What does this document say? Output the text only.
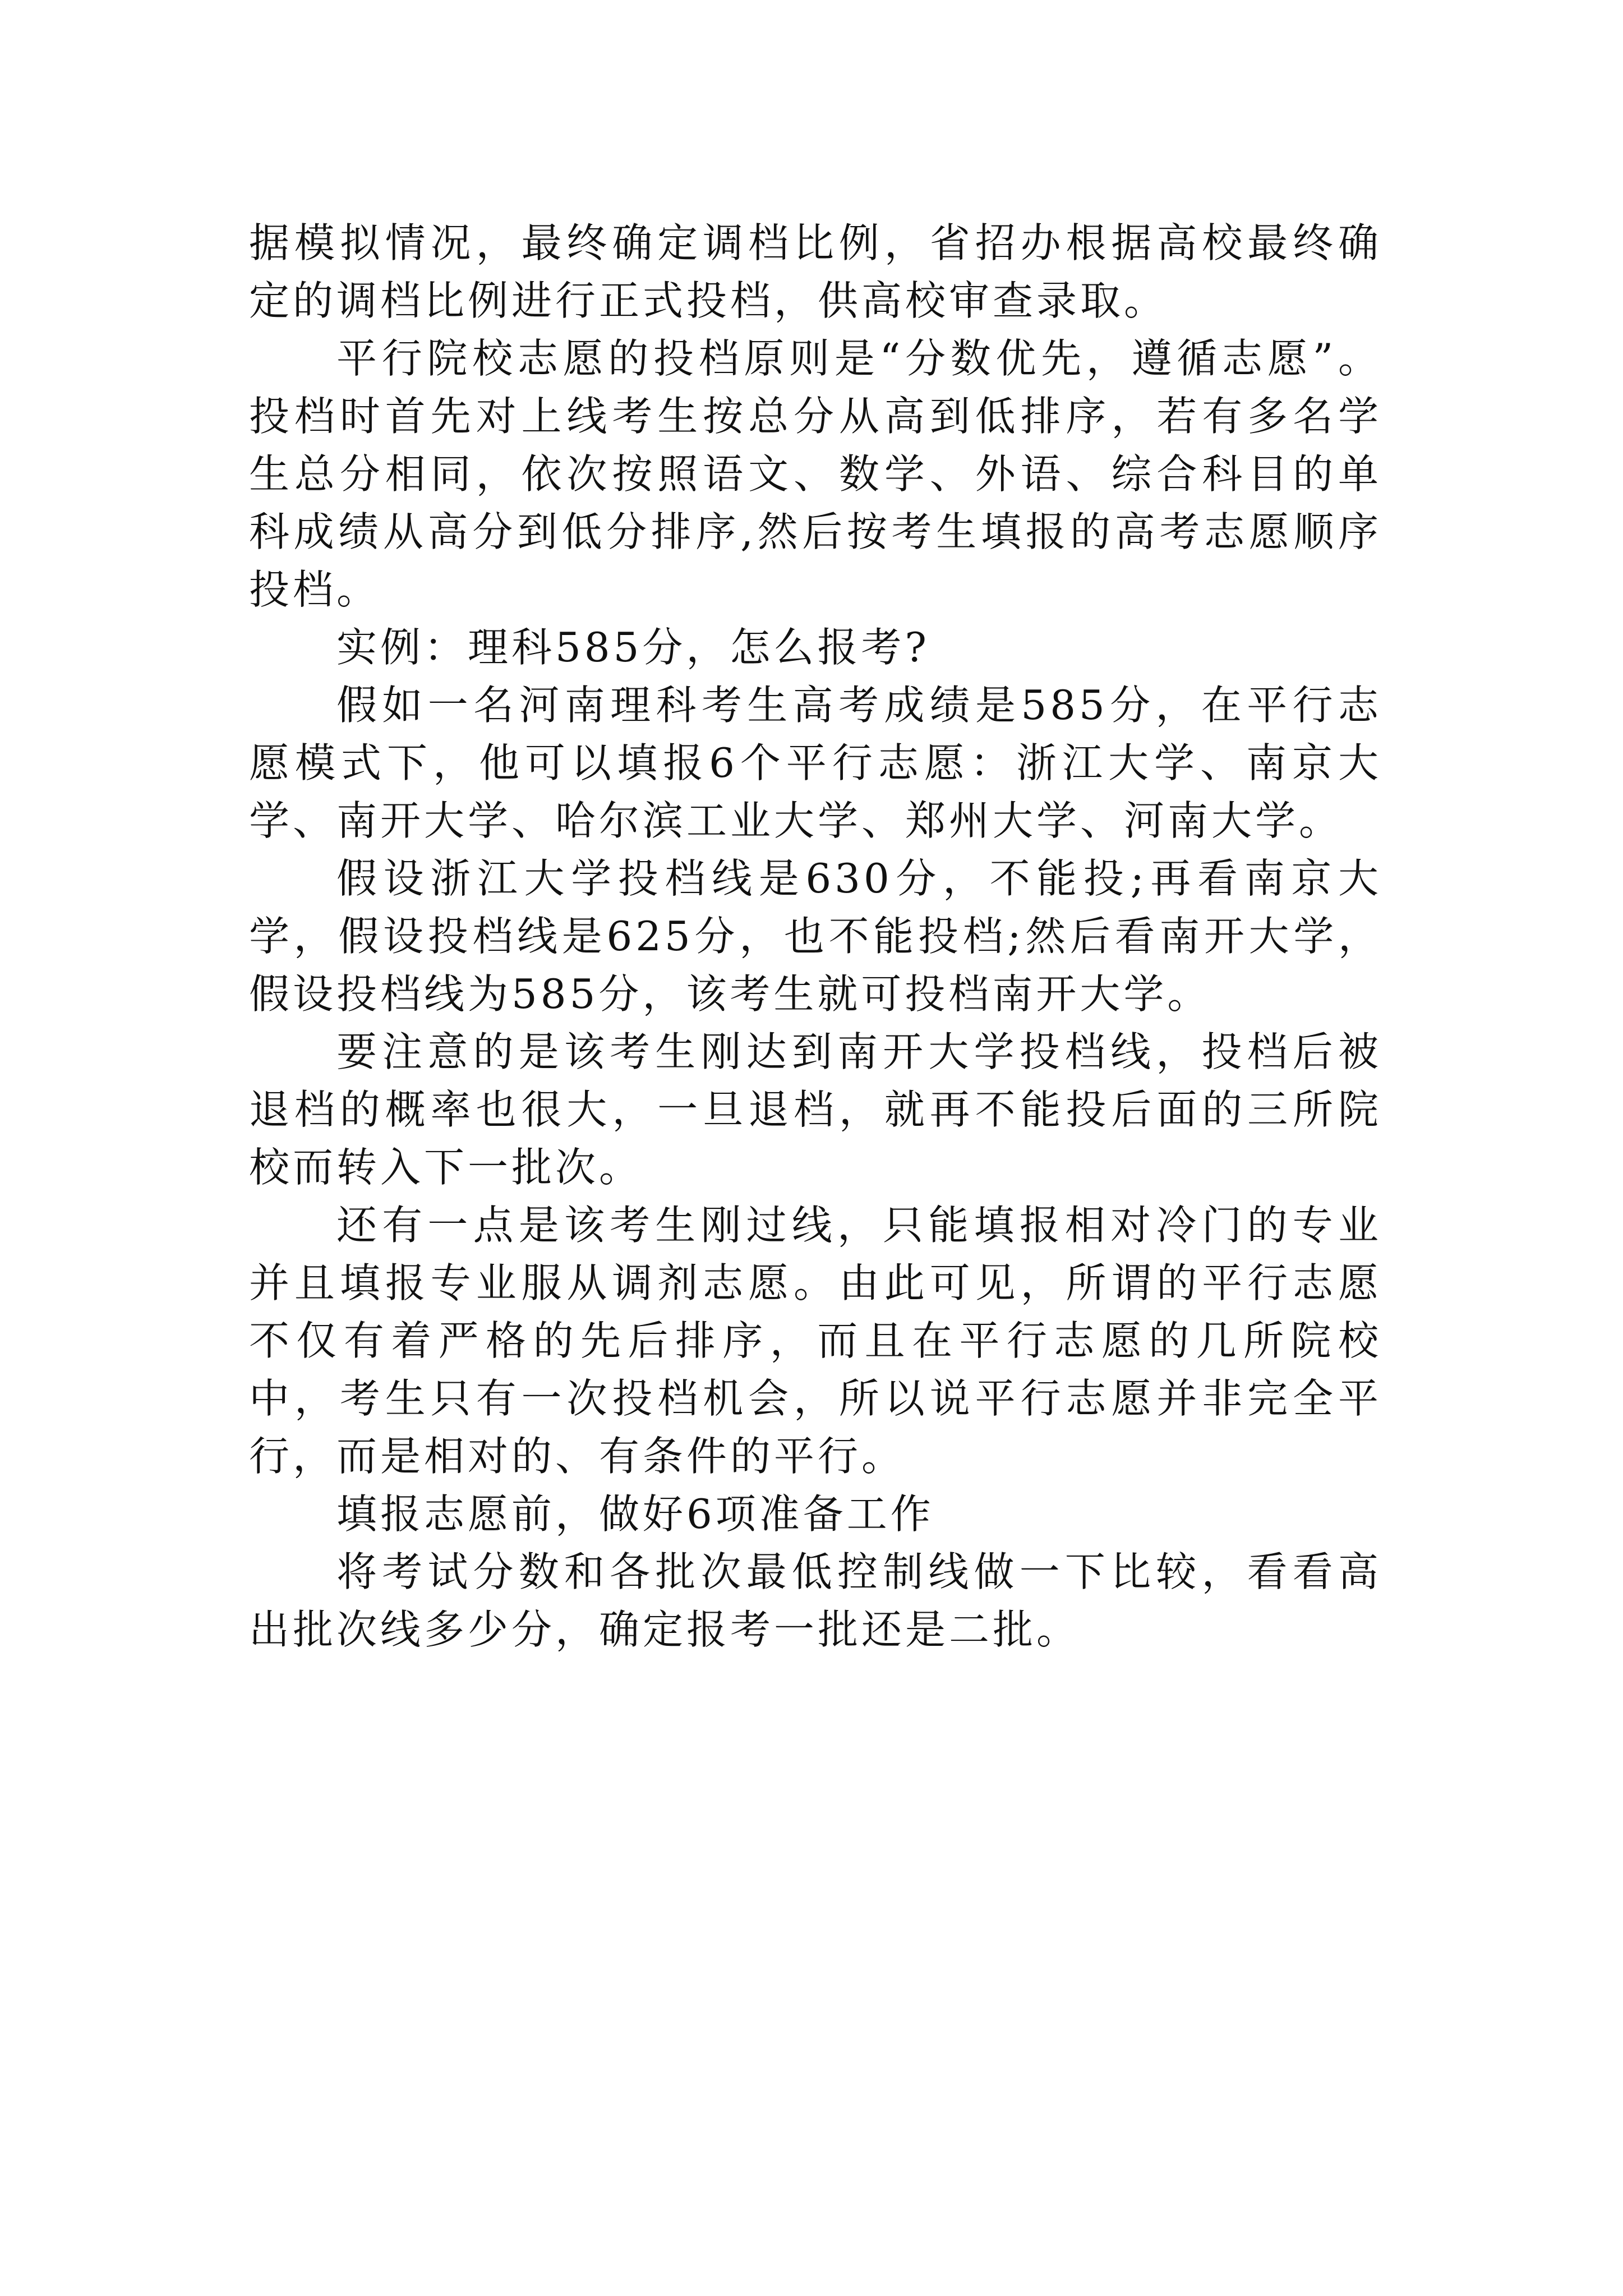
据模拟情况，最终确定调档比例，省招办根据高校最终确定的调档比例进行正式投档，供高校审查录取。

平行院校志愿的投档原则是“分数优先，遵循志愿”。投档时首先对上线考生按总分从高到低排序，若有多名学生总分相同，依次按照语文、数学、外语、综合科目的单科成绩从高分到低分排序,然后按考生填报的高考志愿顺序投档。

实例：理科585分，怎么报考?

假如一名河南理科考生高考成绩是585分，在平行志愿模式下，他可以填报6个平行志愿：浙江大学、南京大学、南开大学、哈尔滨工业大学、郑州大学、河南大学。

假设浙江大学投档线是630分，不能投;再看南京大学，假设投档线是625分，也不能投档;然后看南开大学，假设投档线为585分，该考生就可投档南开大学。

要注意的是该考生刚达到南开大学投档线，投档后被退档的概率也很大，一旦退档，就再不能投后面的三所院校而转入下一批次。

还有一点是该考生刚过线，只能填报相对冷门的专业并且填报专业服从调剂志愿。由此可见，所谓的平行志愿不仅有着严格的先后排序，而且在平行志愿的几所院校中，考生只有一次投档机会，所以说平行志愿并非完全平行，而是相对的、有条件的平行。

填报志愿前，做好6项准备工作

将考试分数和各批次最低控制线做一下比较，看看高出批次线多少分，确定报考一批还是二批。
